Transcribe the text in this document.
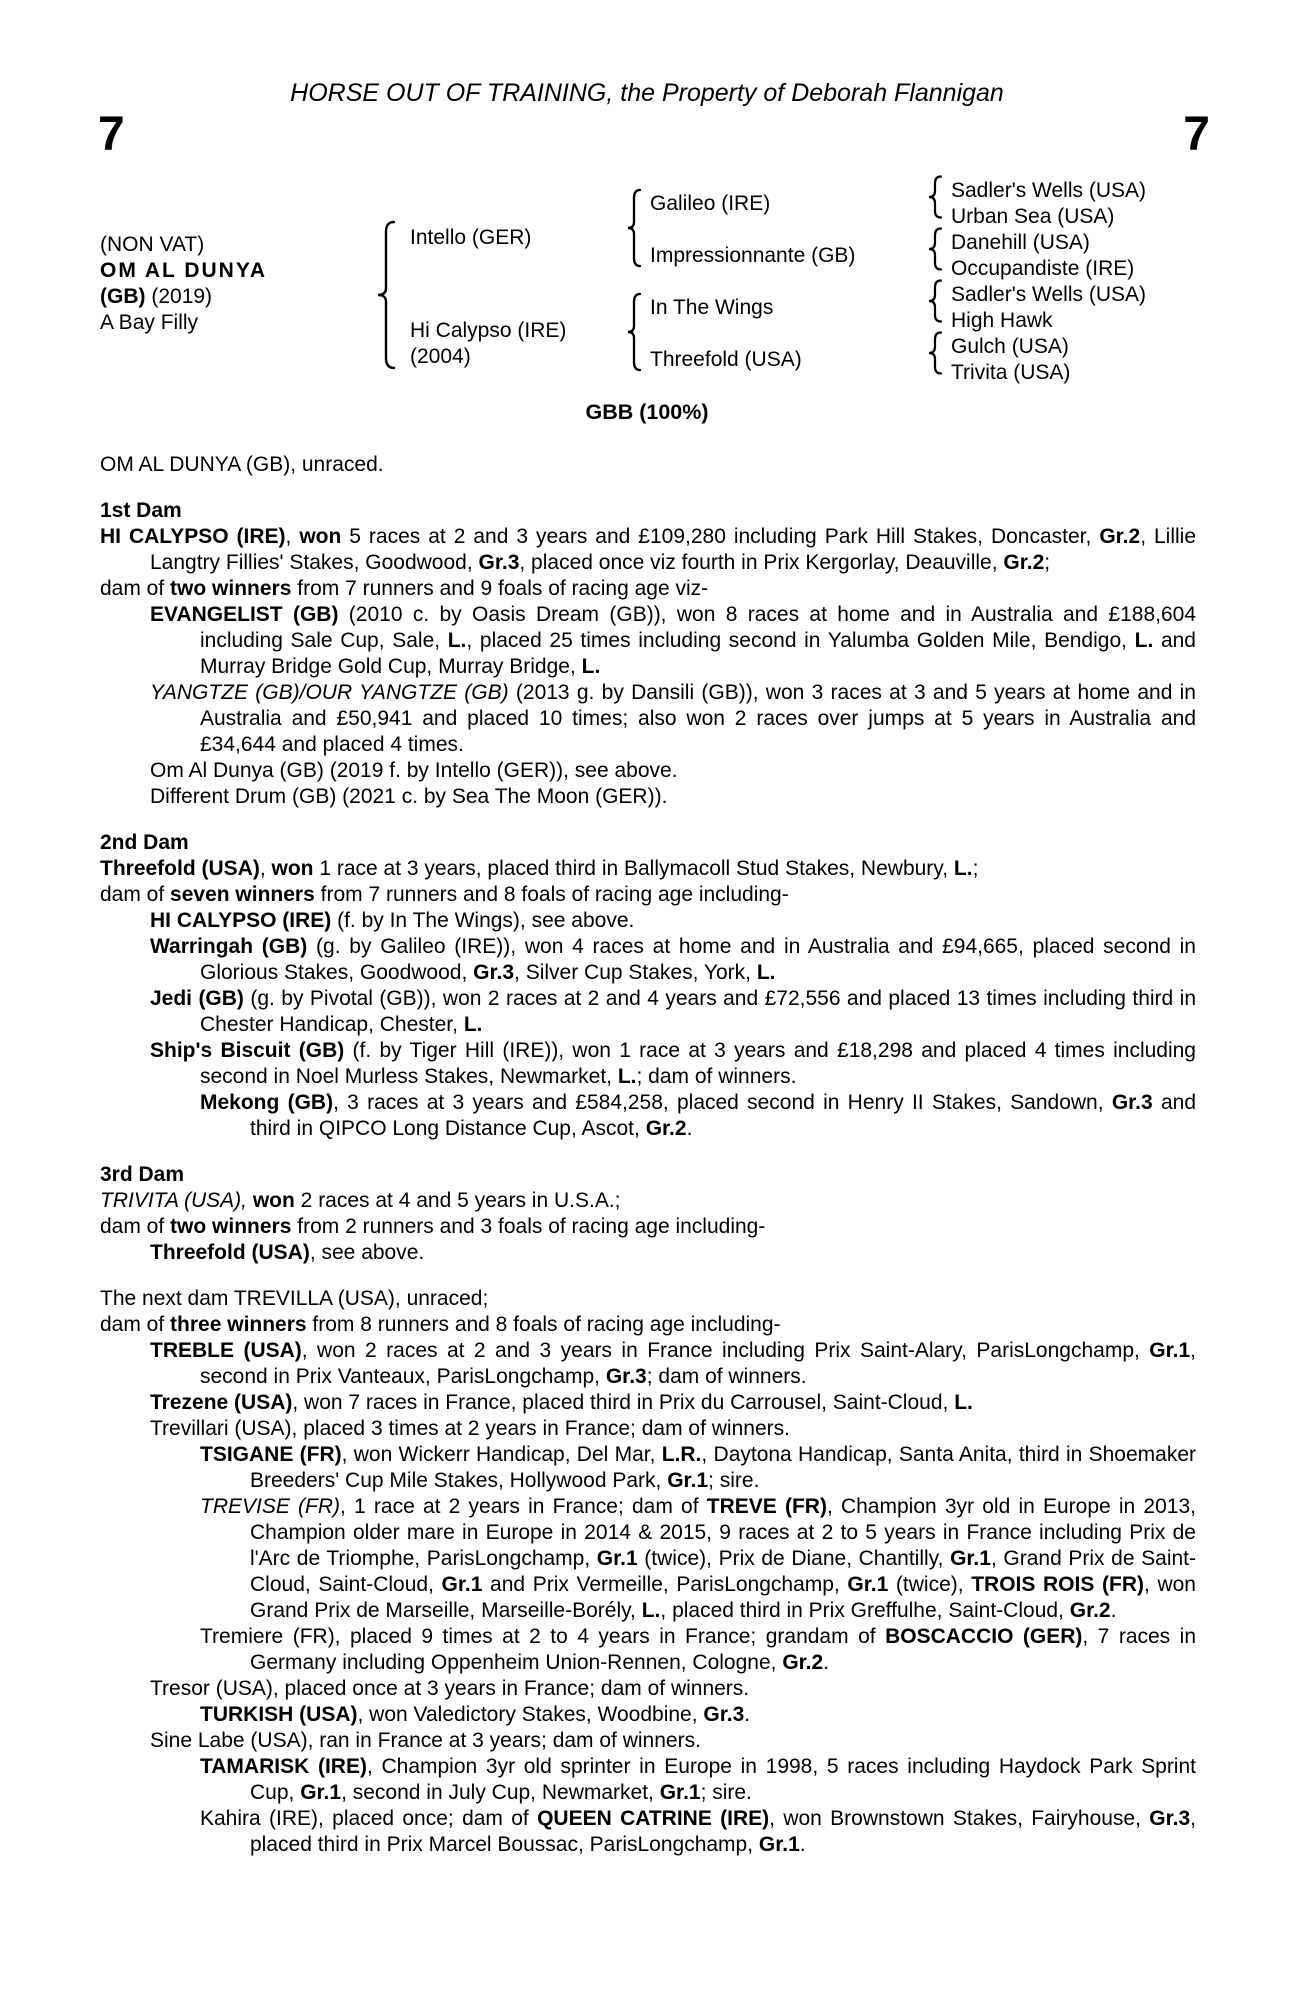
HORSE OUT OF TRAINING, the Property of Deborah Flannigan
7	7
(NON VAT)
OM AL DUNYA
(GB) (2019)
A Bay Filly
Intello (GER)
Hi Calypso (IRE)
(2004)
Galileo (IRE)
Impressionnante (GB)
In The Wings
Threefold (USA)
Sadler's Wells (USA)
Urban Sea (USA)
Danehill (USA)
Occupandiste (IRE)
Sadler's Wells (USA)
High Hawk
Gulch (USA)
Trivita (USA)
GBB (100%)
OM AL DUNYA (GB), unraced.
1st Dam
HI CALYPSO (IRE), won 5 races at 2 and 3 years and £109,280 including Park Hill Stakes, Doncaster, Gr.2, Lillie Langtry Fillies' Stakes, Goodwood, Gr.3, placed once viz fourth in Prix Kergorlay, Deauville, Gr.2;
dam of two winners from 7 runners and 9 foals of racing age viz-
EVANGELIST (GB) (2010 c. by Oasis Dream (GB)), won 8 races at home and in Australia and £188,604 including Sale Cup, Sale, L., placed 25 times including second in Yalumba Golden Mile, Bendigo, L. and Murray Bridge Gold Cup, Murray Bridge, L.
YANGTZE (GB)/OUR YANGTZE (GB) (2013 g. by Dansili (GB)), won 3 races at 3 and 5 years at home and in Australia and £50,941 and placed 10 times; also won 2 races over jumps at 5 years in Australia and £34,644 and placed 4 times.
Om Al Dunya (GB) (2019 f. by Intello (GER)), see above.
Different Drum (GB) (2021 c. by Sea The Moon (GER)).
2nd Dam
Threefold (USA), won 1 race at 3 years, placed third in Ballymacoll Stud Stakes, Newbury, L.;
dam of seven winners from 7 runners and 8 foals of racing age including-
HI CALYPSO (IRE) (f. by In The Wings), see above.
Warringah (GB) (g. by Galileo (IRE)), won 4 races at home and in Australia and £94,665, placed second in Glorious Stakes, Goodwood, Gr.3, Silver Cup Stakes, York, L.
Jedi (GB) (g. by Pivotal (GB)), won 2 races at 2 and 4 years and £72,556 and placed 13 times including third in Chester Handicap, Chester, L.
Ship's Biscuit (GB) (f. by Tiger Hill (IRE)), won 1 race at 3 years and £18,298 and placed 4 times including second in Noel Murless Stakes, Newmarket, L.; dam of winners.
Mekong (GB), 3 races at 3 years and £584,258, placed second in Henry II Stakes, Sandown, Gr.3 and third in QIPCO Long Distance Cup, Ascot, Gr.2.
3rd Dam
TRIVITA (USA), won 2 races at 4 and 5 years in U.S.A.;
dam of two winners from 2 runners and 3 foals of racing age including-
Threefold (USA), see above.
The next dam TREVILLA (USA), unraced;
dam of three winners from 8 runners and 8 foals of racing age including-
TREBLE (USA), won 2 races at 2 and 3 years in France including Prix Saint-Alary, ParisLongchamp, Gr.1, second in Prix Vanteaux, ParisLongchamp, Gr.3; dam of winners.
Trezene (USA), won 7 races in France, placed third in Prix du Carrousel, Saint-Cloud, L.
Trevillari (USA), placed 3 times at 2 years in France; dam of winners.
TSIGANE (FR), won Wickerr Handicap, Del Mar, L.R., Daytona Handicap, Santa Anita, third in Shoemaker Breeders' Cup Mile Stakes, Hollywood Park, Gr.1; sire.
TREVISE (FR), 1 race at 2 years in France; dam of TREVE (FR), Champion 3yr old in Europe in 2013, Champion older mare in Europe in 2014 & 2015, 9 races at 2 to 5 years in France including Prix de l'Arc de Triomphe, ParisLongchamp, Gr.1 (twice), Prix de Diane, Chantilly, Gr.1, Grand Prix de Saint-Cloud, Saint-Cloud, Gr.1 and Prix Vermeille, ParisLongchamp, Gr.1 (twice), TROIS ROIS (FR), won Grand Prix de Marseille, Marseille-Borély, L., placed third in Prix Greffulhe, Saint-Cloud, Gr.2.
Tremiere (FR), placed 9 times at 2 to 4 years in France; grandam of BOSCACCIO (GER), 7 races in Germany including Oppenheim Union-Rennen, Cologne, Gr.2.
Tresor (USA), placed once at 3 years in France; dam of winners.
TURKISH (USA), won Valedictory Stakes, Woodbine, Gr.3.
Sine Labe (USA), ran in France at 3 years; dam of winners.
TAMARISK (IRE), Champion 3yr old sprinter in Europe in 1998, 5 races including Haydock Park Sprint Cup, Gr.1, second in July Cup, Newmarket, Gr.1; sire.
Kahira (IRE), placed once; dam of QUEEN CATRINE (IRE), won Brownstown Stakes, Fairyhouse, Gr.3, placed third in Prix Marcel Boussac, ParisLongchamp, Gr.1.
